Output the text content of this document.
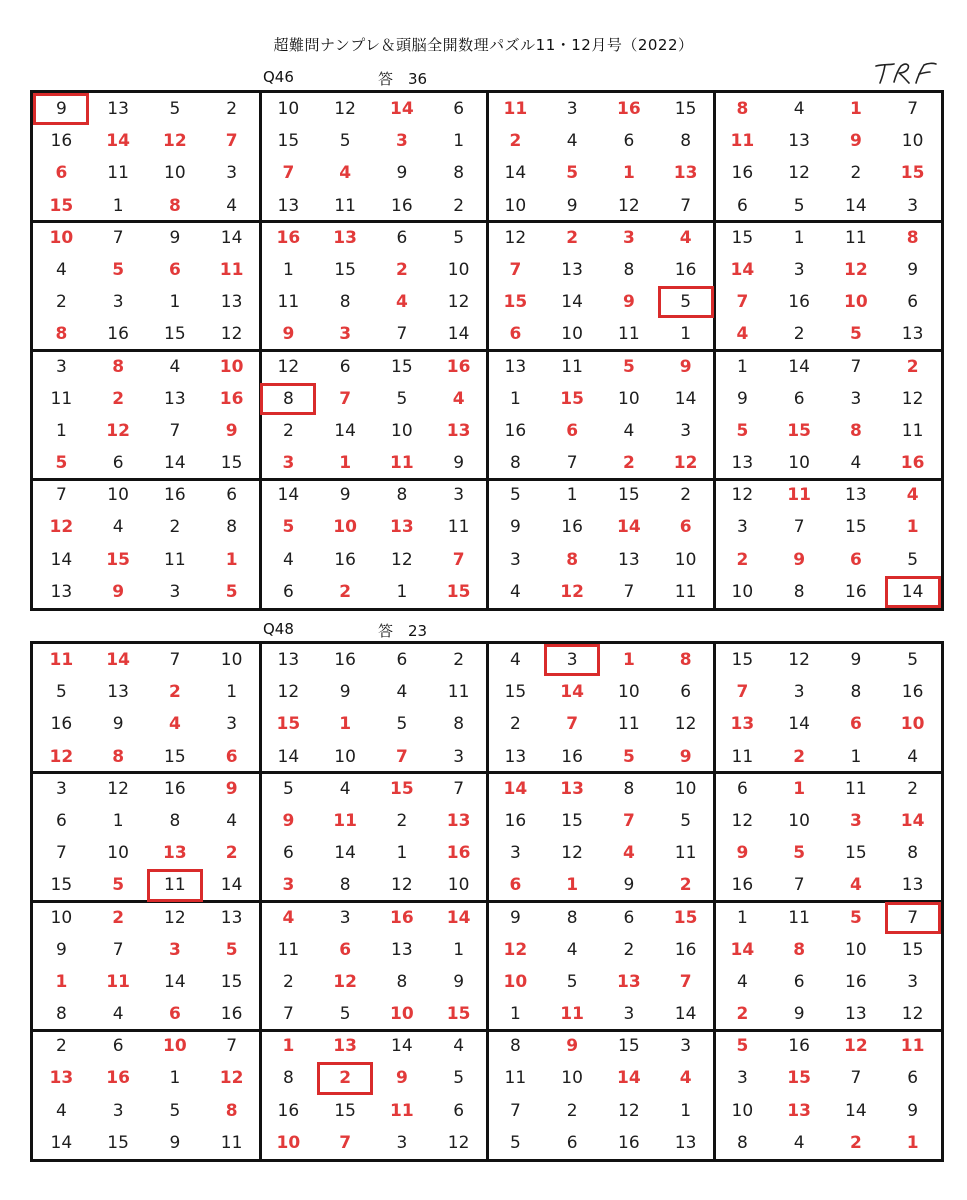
超難問ナンプレ＆頭脳全開数理パズル11・12月号（2022）
Q46	答　36
9	13	5	2	10	12	14	6	11	3	16	15	8	4	1	7
16	14	12	7	15	5	3	1	2	4	6	8	11	13	9	10
6	11	10	3	7	4	9	8	14	5	1	13	16	12	2	15
15	1	8	4	13	11	16	2	10	9	12	7	6	5	14	3
10	7	9	14	16	13	6	5	12	2	3	4	15	1	11	8
4	5	6	11	1	15	2	10	7	13	8	16	14	3	12	9
2	3	1	13	11	8	4	12	15	14	9	5	7	16	10	6
8	16	15	12	9	3	7	14	6	10	11	1	4	2	5	13
3	8	4	10	12	6	15	16	13	11	5	9	1	14	7	2
11	2	13	16	8	7	5	4	1	15	10	14	9	6	3	12
1	12	7	9	2	14	10	13	16	6	4	3	5	15	8	11
5	6	14	15	3	1	11	9	8	7	2	12	13	10	4	16
7	10	16	6	14	9	8	3	5	1	15	2	12	11	13	4
12	4	2	8	5	10	13	11	9	16	14	6	3	7	15	1
14	15	11	1	4	16	12	7	3	8	13	10	2	9	6	5
13	9	3	5	6	2	1	15	4	12	7	11	10	8	16	14
Q48	答　23
11	14	7	10	13	16	6	2	4	3	1	8	15	12	9	5
5	13	2	1	12	9	4	11	15	14	10	6	7	3	8	16
16	9	4	3	15	1	5	8	2	7	11	12	13	14	6	10
12	8	15	6	14	10	7	3	13	16	5	9	11	2	1	4
3	12	16	9	5	4	15	7	14	13	8	10	6	1	11	2
6	1	8	4	9	11	2	13	16	15	7	5	12	10	3	14
7	10	13	2	6	14	1	16	3	12	4	11	9	5	15	8
15	5	11	14	3	8	12	10	6	1	9	2	16	7	4	13
10	2	12	13	4	3	16	14	9	8	6	15	1	11	5	7
9	7	3	5	11	6	13	1	12	4	2	16	14	8	10	15
1	11	14	15	2	12	8	9	10	5	13	7	4	6	16	3
8	4	6	16	7	5	10	15	1	11	3	14	2	9	13	12
2	6	10	7	1	13	14	4	8	9	15	3	5	16	12	11
13	16	1	12	8	2	9	5	11	10	14	4	3	15	7	6
4	3	5	8	16	15	11	6	7	2	12	1	10	13	14	9
14	15	9	11	10	7	3	12	5	6	16	13	8	4	2	1
